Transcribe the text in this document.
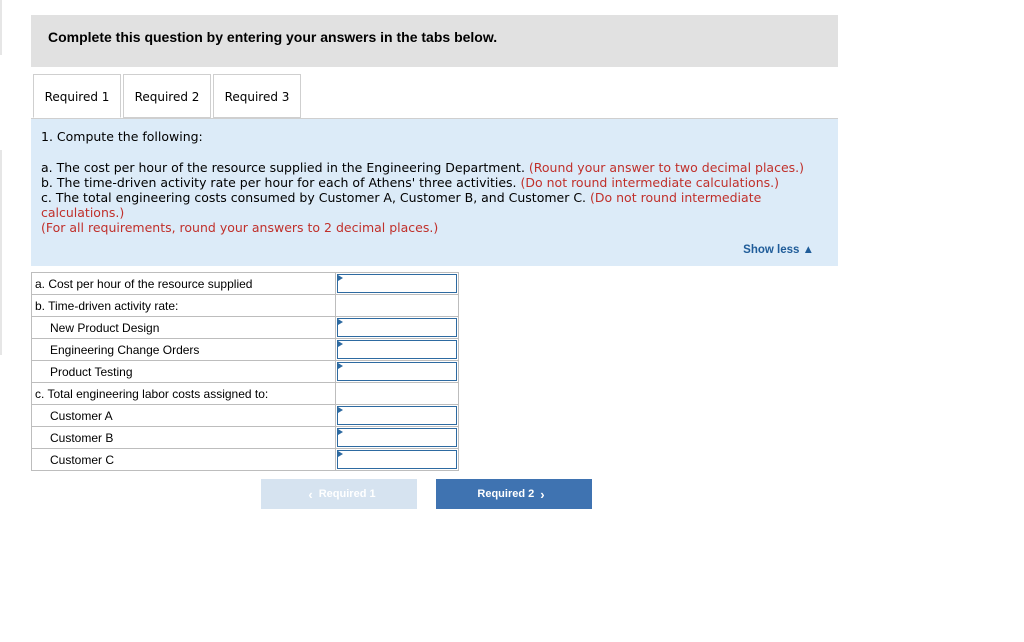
Complete this question by entering your answers in the tabs below.
Required 1	Required 2	Required 3

1. Compute the following:

a. The cost per hour of the resource supplied in the Engineering Department. (Round your answer to two decimal places.)

b. The time-driven activity rate per hour for each of Athens' three activities. (Do not round intermediate calculations.)

c. The total engineering costs consumed by Customer A, Customer B, and Customer C. (Do not round intermediate calculations.)

(For all requirements, round your answers to 2 decimal places.)

Show less ▲
a. Cost per hour of the resource supplied	

b. Time-driven activity rate:	
New Product Design	

Engineering Change Orders	

Product Testing	

c. Total engineering labor costs assigned to:	
Customer A	

Customer B	

Customer C	
‹ Required 1	Required 2 ›
